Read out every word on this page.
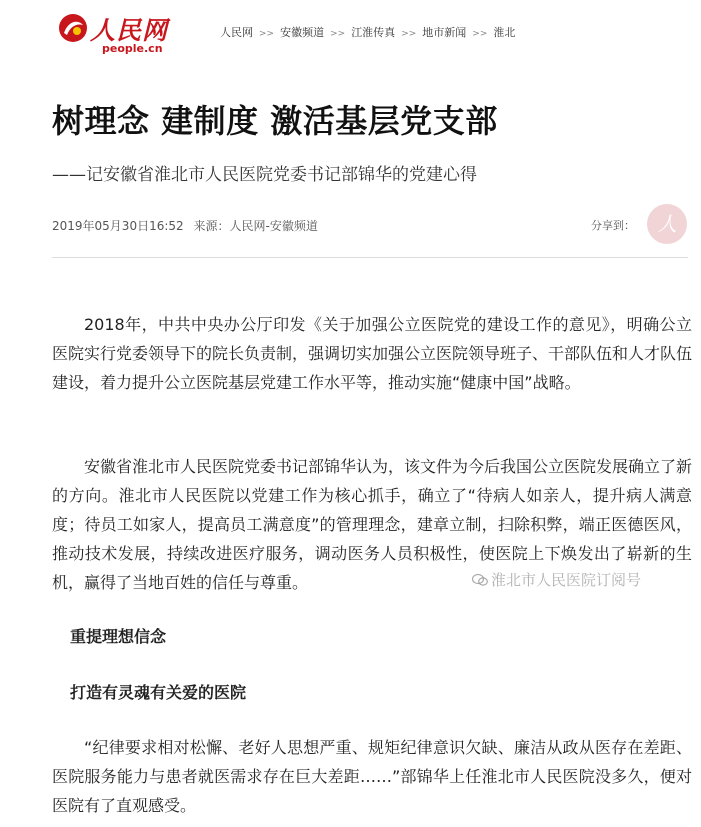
人民网
people.cn
人民网 >> 安徽频道 >> 江淮传真 >> 地市新闻 >> 淮北
树理念 建制度 激活基层党支部
——记安徽省淮北市人民医院党委书记部锦华的党建心得
2019年05月30日16:52 来源：人民网-安徽频道	分享到：	人

2018年，中共中央办公厅印发《关于加强公立医院党的建设工作的意见》，明确公立医院实行党委领导下的院长负责制，强调切实加强公立医院领导班子、干部队伍和人才队伍建设，着力提升公立医院基层党建工作水平等，推动实施“健康中国”战略。

安徽省淮北市人民医院党委书记部锦华认为，该文件为今后我国公立医院发展确立了新的方向。淮北市人民医院以党建工作为核心抓手，确立了“待病人如亲人，提升病人满意度；待员工如家人，提高员工满意度”的管理理念，建章立制，扫除积弊，端正医德医风，推动技术发展，持续改进医疗服务，调动医务人员积极性，使医院上下焕发出了崭新的生机，赢得了当地百姓的信任与尊重。	淮北市人民医院订阅号
重提理想信念
打造有灵魂有关爱的医院

“纪律要求相对松懈、老好人思想严重、规矩纪律意识欠缺、廉洁从政从医存在差距、医院服务能力与患者就医需求存在巨大差距……”部锦华上任淮北市人民医院没多久，便对医院有了直观感受。
